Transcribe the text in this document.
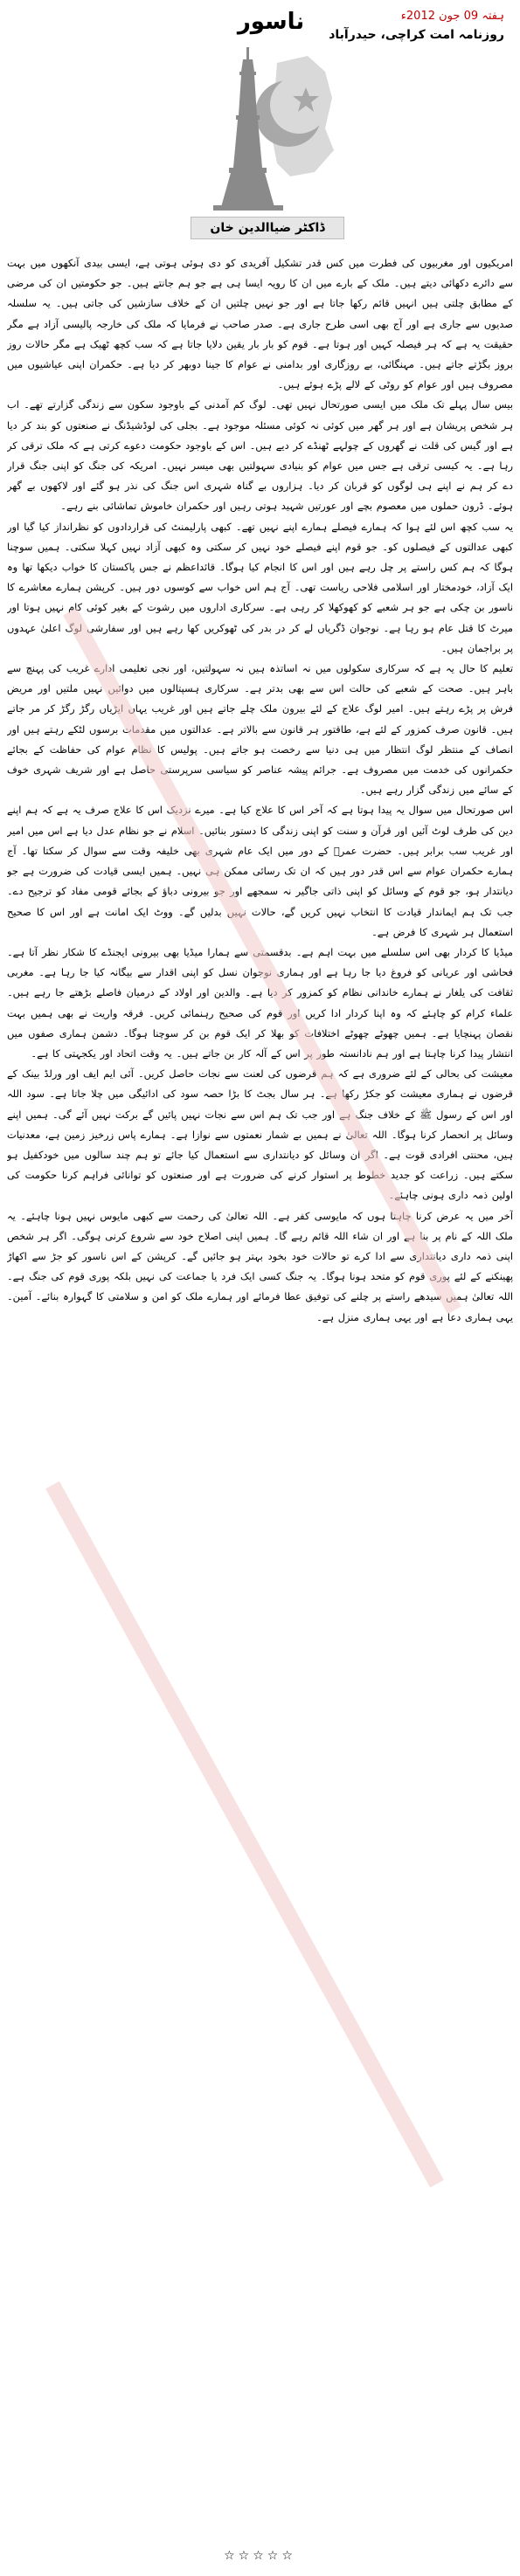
ہفتہ 09 جون 2012ء
روزنامہ امت کراچی، حیدرآباد
ناسور
ڈاکٹر ضیاالدین خان

امریکیوں اور مغربیوں کی فطرت میں کس قدر تشکیل آفریدی کو دی ہوئی ہوتی ہے، ایسی بیدی آنکھوں میں بہت سے دائرے دکھائی دیتے ہیں۔ ملک کے بارے میں ان کا رویہ ایسا ہی ہے جو ہم جانتے ہیں۔ جو حکومتیں ان کی مرضی کے مطابق چلتی ہیں انہیں قائم رکھا جاتا ہے اور جو نہیں چلتیں ان کے خلاف سازشیں کی جاتی ہیں۔ یہ سلسلہ صدیوں سے جاری ہے اور آج بھی اسی طرح جاری ہے۔ صدر صاحب نے فرمایا کہ ملک کی خارجہ پالیسی آزاد ہے مگر حقیقت یہ ہے کہ ہر فیصلہ کہیں اور ہوتا ہے۔ قوم کو بار بار یقین دلایا جاتا ہے کہ سب کچھ ٹھیک ہے مگر حالات روز بروز بگڑتے جاتے ہیں۔ مہنگائی، بے روزگاری اور بدامنی نے عوام کا جینا دوبھر کر دیا ہے۔ حکمران اپنی عیاشیوں میں مصروف ہیں اور عوام کو روٹی کے لالے پڑے ہوئے ہیں۔

بیس سال پہلے تک ملک میں ایسی صورتحال نہیں تھی۔ لوگ کم آمدنی کے باوجود سکون سے زندگی گزارتے تھے۔ اب ہر شخص پریشان ہے اور ہر گھر میں کوئی نہ کوئی مسئلہ موجود ہے۔ بجلی کی لوڈشیڈنگ نے صنعتوں کو بند کر دیا ہے اور گیس کی قلت نے گھروں کے چولہے ٹھنڈے کر دیے ہیں۔ اس کے باوجود حکومت دعوے کرتی ہے کہ ملک ترقی کر رہا ہے۔ یہ کیسی ترقی ہے جس میں عوام کو بنیادی سہولتیں بھی میسر نہیں۔ امریکہ کی جنگ کو اپنی جنگ قرار دے کر ہم نے اپنے ہی لوگوں کو قربان کر دیا۔ ہزاروں بے گناہ شہری اس جنگ کی نذر ہو گئے اور لاکھوں بے گھر ہوئے۔ ڈرون حملوں میں معصوم بچے اور عورتیں شہید ہوتی رہیں اور حکمران خاموش تماشائی بنے رہے۔

یہ سب کچھ اس لئے ہوا کہ ہمارے فیصلے ہمارے اپنے نہیں تھے۔ کبھی پارلیمنٹ کی قراردادوں کو نظرانداز کیا گیا اور کبھی عدالتوں کے فیصلوں کو۔ جو قوم اپنے فیصلے خود نہیں کر سکتی وہ کبھی آزاد نہیں کہلا سکتی۔ ہمیں سوچنا ہوگا کہ ہم کس راستے پر چل رہے ہیں اور اس کا انجام کیا ہوگا۔ قائداعظم نے جس پاکستان کا خواب دیکھا تھا وہ ایک آزاد، خودمختار اور اسلامی فلاحی ریاست تھی۔ آج ہم اس خواب سے کوسوں دور ہیں۔ کرپشن ہمارے معاشرے کا ناسور بن چکی ہے جو ہر شعبے کو کھوکھلا کر رہی ہے۔ سرکاری اداروں میں رشوت کے بغیر کوئی کام نہیں ہوتا اور میرٹ کا قتل عام ہو رہا ہے۔ نوجوان ڈگریاں لے کر در بدر کی ٹھوکریں کھا رہے ہیں اور سفارشی لوگ اعلیٰ عہدوں پر براجمان ہیں۔

تعلیم کا حال یہ ہے کہ سرکاری سکولوں میں نہ اساتذہ ہیں نہ سہولتیں، اور نجی تعلیمی ادارے غریب کی پہنچ سے باہر ہیں۔ صحت کے شعبے کی حالت اس سے بھی بدتر ہے۔ سرکاری ہسپتالوں میں دوائیں نہیں ملتیں اور مریض فرش پر پڑے رہتے ہیں۔ امیر لوگ علاج کے لئے بیرون ملک چلے جاتے ہیں اور غریب یہاں ایڑیاں رگڑ رگڑ کر مر جاتے ہیں۔ قانون صرف کمزور کے لئے ہے، طاقتور ہر قانون سے بالاتر ہے۔ عدالتوں میں مقدمات برسوں لٹکے رہتے ہیں اور انصاف کے منتظر لوگ انتظار میں ہی دنیا سے رخصت ہو جاتے ہیں۔ پولیس کا نظام عوام کی حفاظت کے بجائے حکمرانوں کی خدمت میں مصروف ہے۔ جرائم پیشہ عناصر کو سیاسی سرپرستی حاصل ہے اور شریف شہری خوف کے سائے میں زندگی گزار رہے ہیں۔

اس صورتحال میں سوال یہ پیدا ہوتا ہے کہ آخر اس کا علاج کیا ہے۔ میرے نزدیک اس کا علاج صرف یہ ہے کہ ہم اپنے دین کی طرف لوٹ آئیں اور قرآن و سنت کو اپنی زندگی کا دستور بنائیں۔ اسلام نے جو نظام عدل دیا ہے اس میں امیر اور غریب سب برابر ہیں۔ حضرت عمرؓ کے دور میں ایک عام شہری بھی خلیفہ وقت سے سوال کر سکتا تھا۔ آج ہمارے حکمران عوام سے اس قدر دور ہیں کہ ان تک رسائی ممکن ہی نہیں۔ ہمیں ایسی قیادت کی ضرورت ہے جو دیانتدار ہو، جو قوم کے وسائل کو اپنی ذاتی جاگیر نہ سمجھے اور جو بیرونی دباؤ کے بجائے قومی مفاد کو ترجیح دے۔ جب تک ہم ایماندار قیادت کا انتخاب نہیں کریں گے، حالات نہیں بدلیں گے۔ ووٹ ایک امانت ہے اور اس کا صحیح استعمال ہر شہری کا فرض ہے۔

میڈیا کا کردار بھی اس سلسلے میں بہت اہم ہے۔ بدقسمتی سے ہمارا میڈیا بھی بیرونی ایجنڈے کا شکار نظر آتا ہے۔ فحاشی اور عریانی کو فروغ دیا جا رہا ہے اور ہماری نوجوان نسل کو اپنی اقدار سے بیگانہ کیا جا رہا ہے۔ مغربی ثقافت کی یلغار نے ہمارے خاندانی نظام کو کمزور کر دیا ہے۔ والدین اور اولاد کے درمیان فاصلے بڑھتے جا رہے ہیں۔ علماء کرام کو چاہئے کہ وہ اپنا کردار ادا کریں اور قوم کی صحیح رہنمائی کریں۔ فرقہ واریت نے بھی ہمیں بہت نقصان پہنچایا ہے۔ ہمیں چھوٹے چھوٹے اختلافات کو بھلا کر ایک قوم بن کر سوچنا ہوگا۔ دشمن ہماری صفوں میں انتشار پیدا کرنا چاہتا ہے اور ہم نادانستہ طور پر اس کے آلہ کار بن جاتے ہیں۔ یہ وقت اتحاد اور یکجہتی کا ہے۔

معیشت کی بحالی کے لئے ضروری ہے کہ ہم قرضوں کی لعنت سے نجات حاصل کریں۔ آئی ایم ایف اور ورلڈ بینک کے قرضوں نے ہماری معیشت کو جکڑ رکھا ہے۔ ہر سال بجٹ کا بڑا حصہ سود کی ادائیگی میں چلا جاتا ہے۔ سود اللہ اور اس کے رسول ﷺ کے خلاف جنگ ہے اور جب تک ہم اس سے نجات نہیں پائیں گے برکت نہیں آئے گی۔ ہمیں اپنے وسائل پر انحصار کرنا ہوگا۔ اللہ تعالیٰ نے ہمیں بے شمار نعمتوں سے نوازا ہے۔ ہمارے پاس زرخیز زمین ہے، معدنیات ہیں، محنتی افرادی قوت ہے۔ اگر ان وسائل کو دیانتداری سے استعمال کیا جائے تو ہم چند سالوں میں خودکفیل ہو سکتے ہیں۔ زراعت کو جدید خطوط پر استوار کرنے کی ضرورت ہے اور صنعتوں کو توانائی فراہم کرنا حکومت کی اولین ذمہ داری ہونی چاہئے۔

آخر میں یہ عرض کرنا چاہتا ہوں کہ مایوسی کفر ہے۔ اللہ تعالیٰ کی رحمت سے کبھی مایوس نہیں ہونا چاہئے۔ یہ ملک اللہ کے نام پر بنا ہے اور ان شاء اللہ قائم رہے گا۔ ہمیں اپنی اصلاح خود سے شروع کرنی ہوگی۔ اگر ہر شخص اپنی ذمہ داری دیانتداری سے ادا کرے تو حالات خود بخود بہتر ہو جائیں گے۔ کرپشن کے اس ناسور کو جڑ سے اکھاڑ پھینکنے کے لئے پوری قوم کو متحد ہونا ہوگا۔ یہ جنگ کسی ایک فرد یا جماعت کی نہیں بلکہ پوری قوم کی جنگ ہے۔ اللہ تعالیٰ ہمیں سیدھے راستے پر چلنے کی توفیق عطا فرمائے اور ہمارے ملک کو امن و سلامتی کا گہوارہ بنائے۔ آمین۔ یہی ہماری دعا ہے اور یہی ہماری منزل ہے۔

☆☆☆☆☆
